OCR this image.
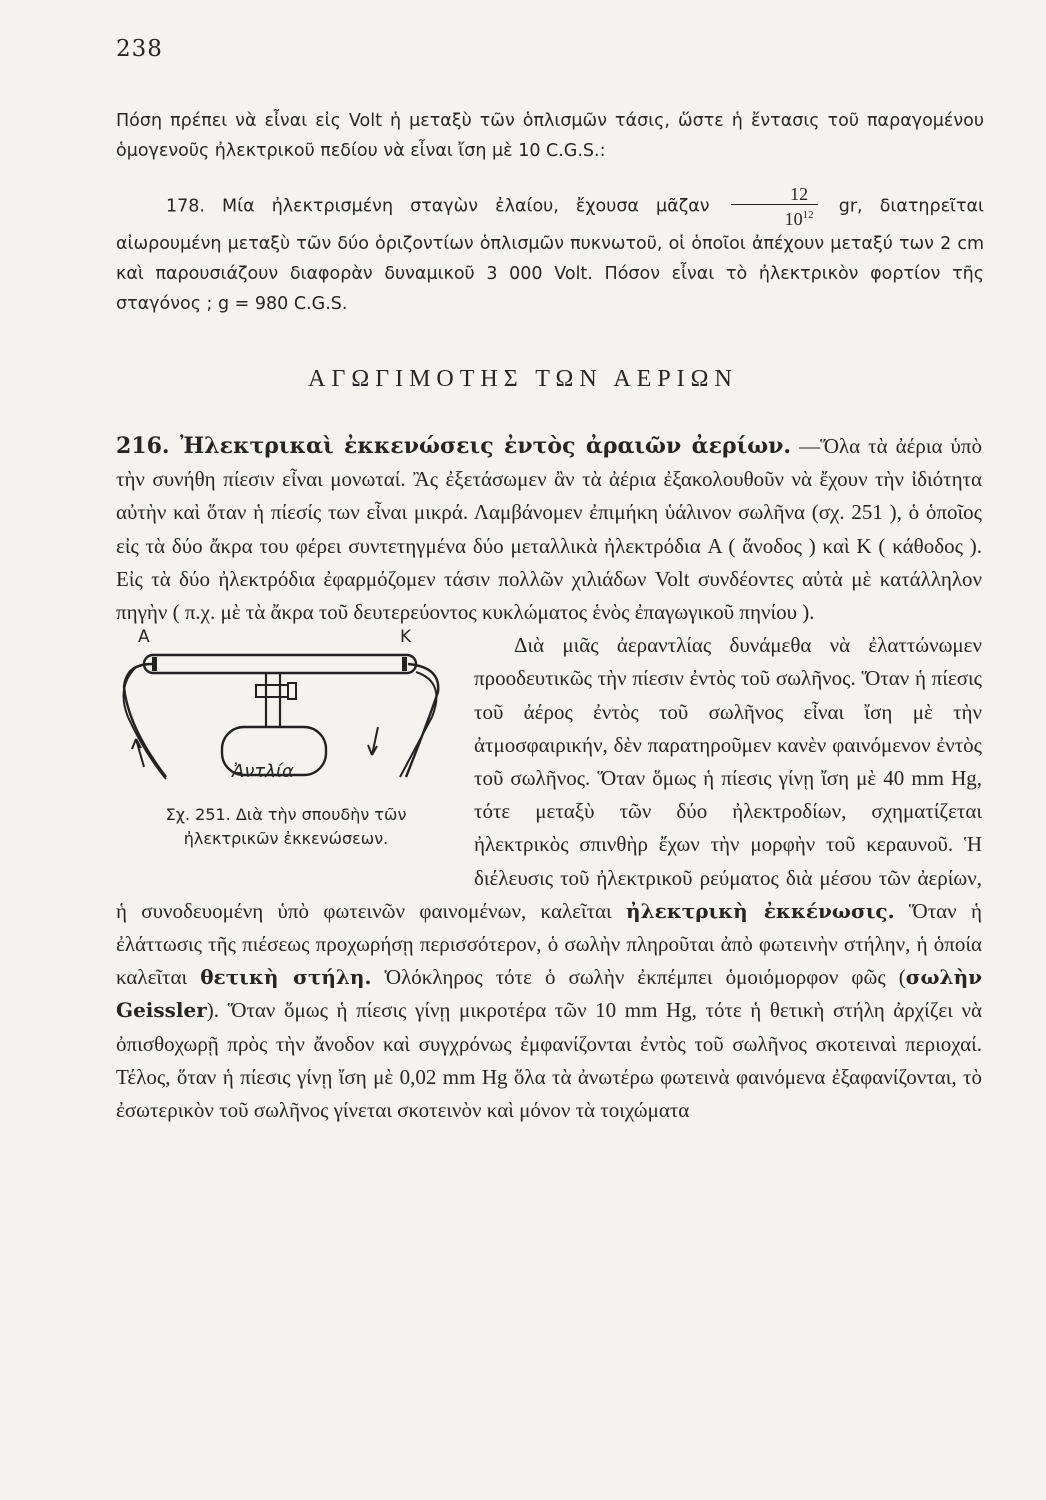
238

Πόση πρέπει νὰ εἶναι εἰς Volt ἡ μεταξὺ τῶν ὁπλισμῶν τάσις, ὥστε ἡ ἔντασις τοῦ παραγομένου ὁμογενοῦς ἠλεκτρικοῦ πεδίου νὰ εἶναι ἴση μὲ 10 C.G.S.:

178. Μία ἠλεκτρισμένη σταγὼν ἐλαίου, ἔχουσα μᾶζαν $\frac{12}{10^{12}}$ gr, διατηρεῖται αἰωρουμένη μεταξὺ τῶν δύο ὁριζοντίων ὁπλισμῶν πυκνωτοῦ, οἱ ὁποῖοι ἀπέχουν μεταξύ των 2 cm καὶ παρουσιάζουν διαφορὰν δυναμικοῦ 3 000 Volt. Πόσον εἶναι τὸ ἠλεκτρικὸν φορτίον τῆς σταγόνος ; g = 980 C.G.S.

ΑΓΩΓΙΜΟΤΗΣ ΤΩΝ ΑΕΡΙΩΝ

216. Ἠλεκτρικαὶ ἐκκενώσεις ἐντὸς ἀραιῶν ἀερίων. —Ὅλα τὰ ἀέρια ὑπὸ τὴν συνήθη πίεσιν εἶναι μονωταί. Ἂς ἐξετάσωμεν ἂν τὰ ἀέρια ἐξακολουθοῦν νὰ ἔχουν τὴν ἰδιότητα αὐτὴν καὶ ὅταν ἡ πίεσίς των εἶναι μικρά. Λαμβάνομεν ἐπιμήκη ὑάλινον σωλῆνα (σχ. 251 ), ὁ ὁποῖος εἰς τὰ δύο ἄκρα του φέρει συντετηγμένα δύο μεταλλικὰ ἠλεκτρόδια A ( ἄνοδος ) καὶ K ( κάθοδος ). Εἰς τὰ δύο ἠλεκτρόδια ἐφαρμόζομεν τάσιν πολλῶν χιλιάδων Volt συνδέοντες αὐτὰ μὲ κατάλληλον πηγὴν ( π.χ. μὲ τὰ ἄκρα τοῦ δευτερεύοντος κυκλώματος ἑνὸς ἐπαγωγικοῦ πηνίου ).

A	K
Ἀντλία
Σχ. 251. Διὰ τὴν σπουδὴν τῶν ἠλεκτρικῶν ἐκκενώσεων.

Διὰ μιᾶς ἀεραντλίας δυνάμεθα νὰ ἐλαττώνωμεν προοδευτικῶς τὴν πίεσιν ἐντὸς τοῦ σωλῆνος. Ὅταν ἡ πίεσις τοῦ ἀέρος ἐντὸς τοῦ σωλῆνος εἶναι ἴση μὲ τὴν ἀτμοσφαιρικήν, δὲν παρατηροῦμεν κανὲν φαινόμενον ἐντὸς τοῦ σωλῆνος. Ὅταν ὅμως ἡ πίεσις γίνῃ ἴση μὲ 40 mm Hg, τότε μεταξὺ τῶν δύο ἠλεκτροδίων, σχηματίζεται ἠλεκτρικὸς σπινθὴρ ἔχων τὴν μορφὴν τοῦ κεραυνοῦ. Ἡ διέλευσις τοῦ ἠλεκτρικοῦ ρεύματος διὰ μέσου τῶν ἀερίων, ἡ συνοδευομένη ὑπὸ φωτεινῶν φαινομένων, καλεῖται ἠλεκτρικὴ ἐκκένωσις. Ὅταν ἡ ἐλάττωσις τῆς πιέσεως προχωρήσῃ περισσότερον, ὁ σωλὴν πληροῦται ἀπὸ φωτεινὴν στήλην, ἡ ὁποία καλεῖται θετικὴ στήλη. Ὁλόκληρος τότε ὁ σωλὴν ἐκπέμπει ὁμοιόμορφον φῶς (σωλὴν Geissler). Ὅταν ὅμως ἡ πίεσις γίνῃ μικροτέρα τῶν 10 mm Hg, τότε ἡ θετικὴ στήλη ἀρχίζει νὰ ὀπισθοχωρῇ πρὸς τὴν ἄνοδον καὶ συγχρόνως ἐμφανίζονται ἐντὸς τοῦ σωλῆνος σκοτειναὶ περιοχαί. Τέλος, ὅταν ἡ πίεσις γίνῃ ἴση μὲ 0,02 mm Hg ὅλα τὰ ἀνωτέρω φωτεινὰ φαινόμενα ἐξαφανίζονται, τὸ ἐσωτερικὸν τοῦ σωλῆνος γίνεται σκοτεινὸν καὶ μόνον τὰ τοιχώματα
